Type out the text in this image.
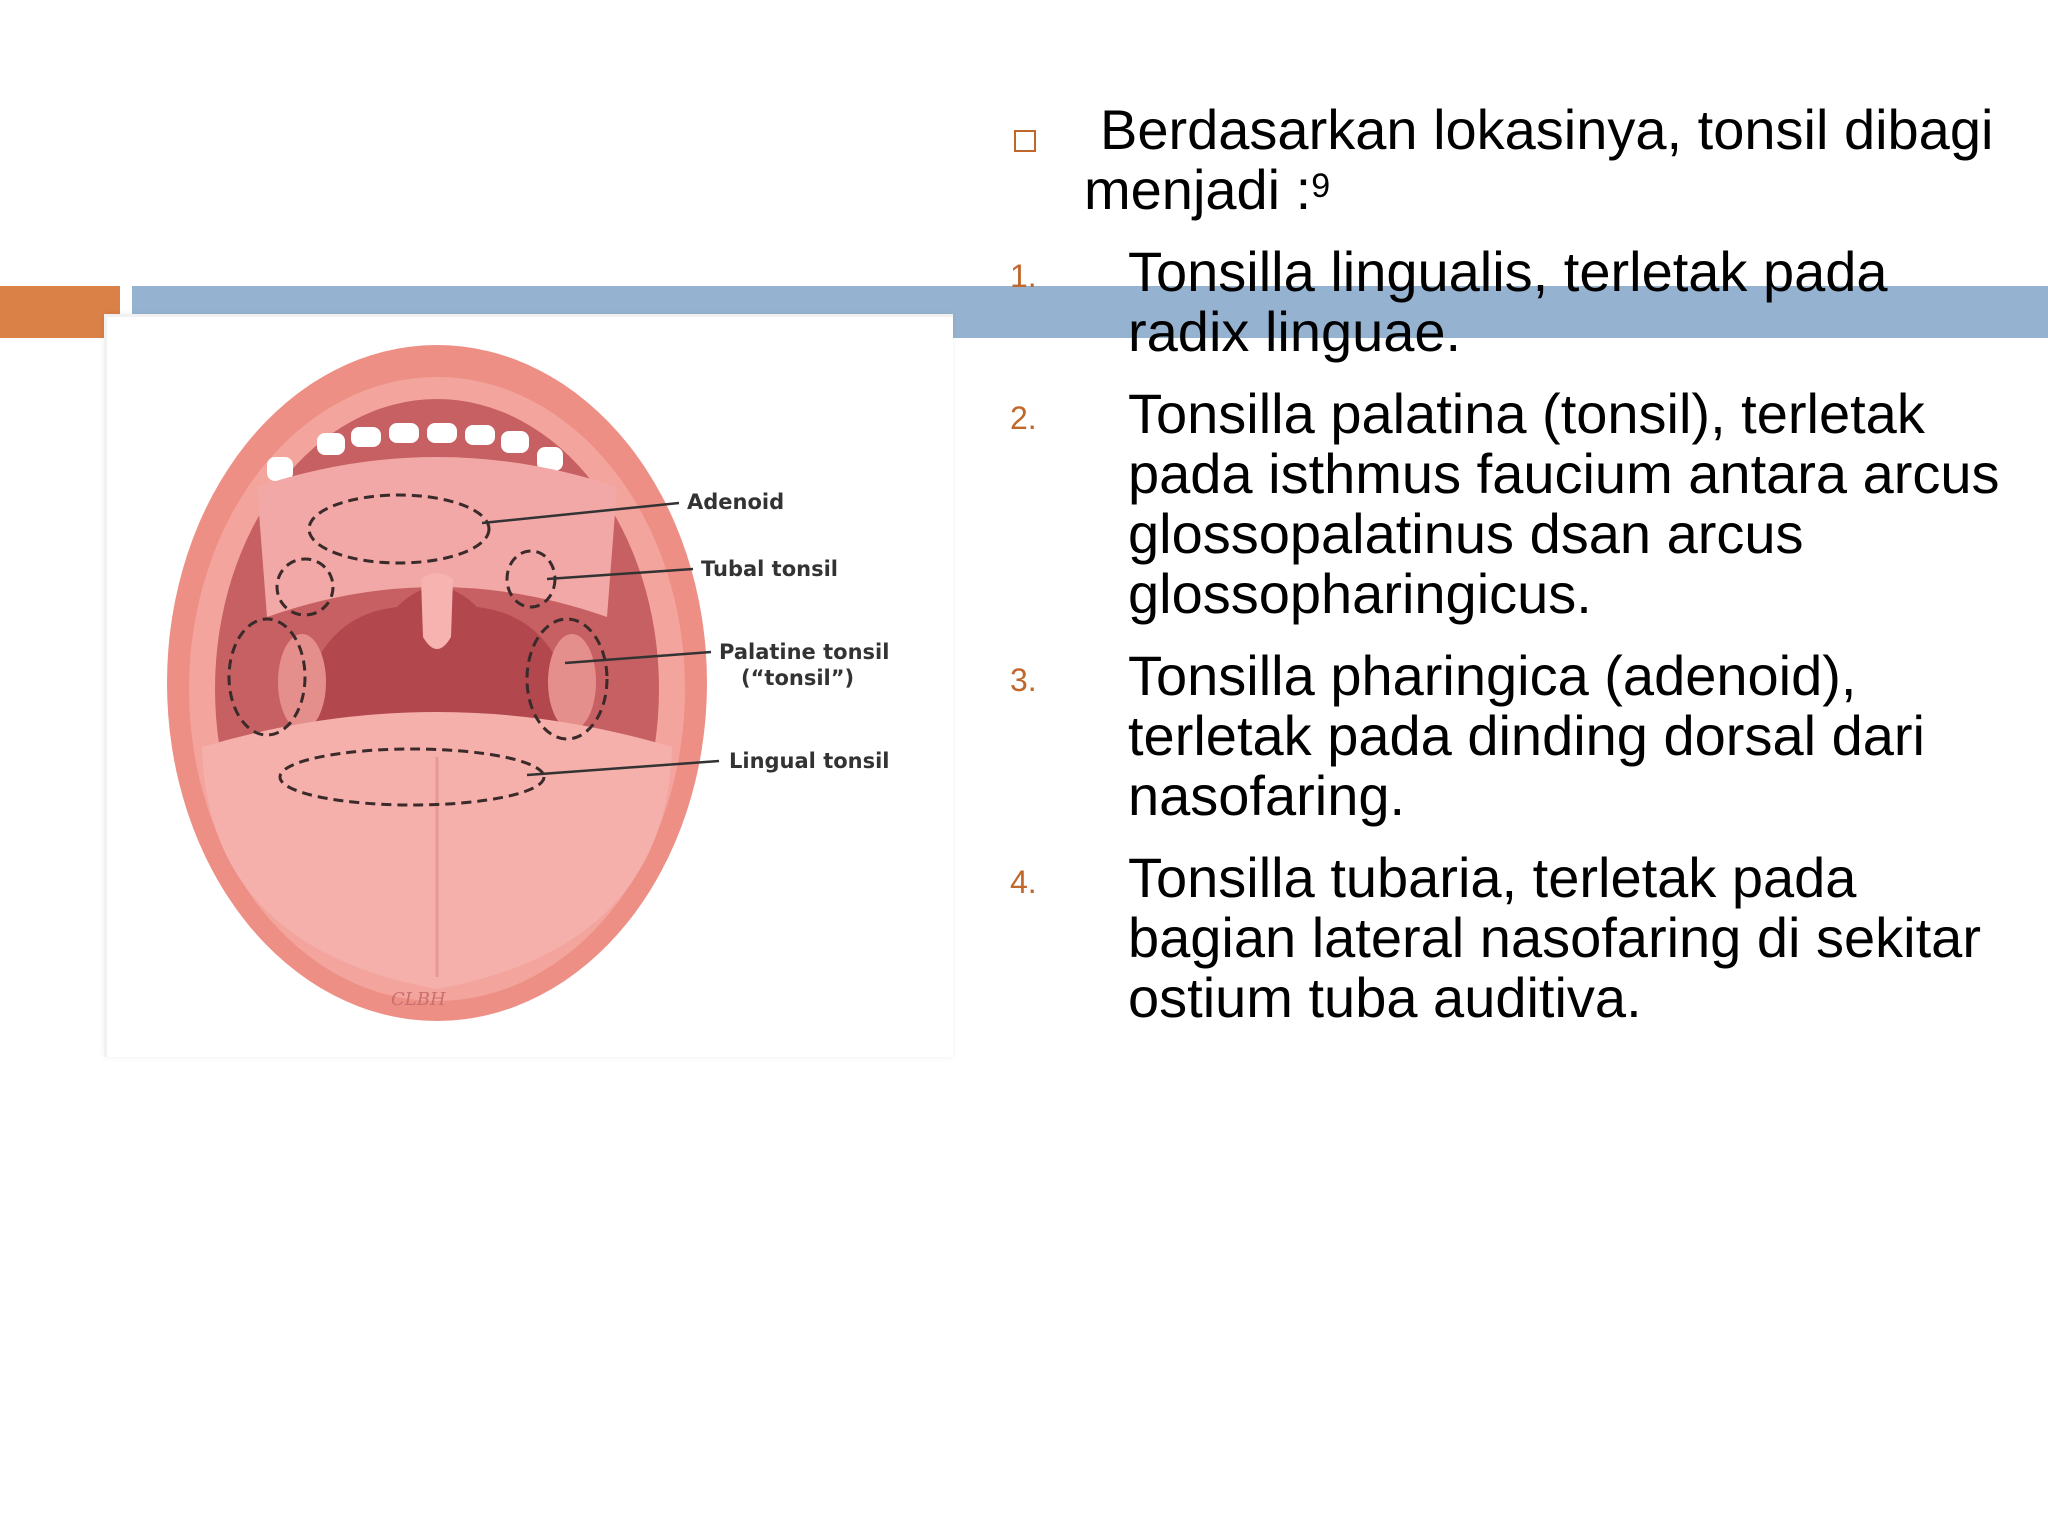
Adenoid
Tubal tonsil
Palatine tonsil
(“tonsil”)
Lingual tonsil
CLBH
Berdasarkan lokasinya, tonsil dibagi menjadi :$^9$
1. Tonsilla lingualis, terletak pada radix linguae.
2. Tonsilla palatina (tonsil), terletak pada isthmus faucium antara arcus glossopalatinus dsan arcus glossopharingicus.
3. Tonsilla pharingica (adenoid), terletak pada dinding dorsal dari nasofaring.
4. Tonsilla tubaria, terletak pada bagian lateral nasofaring di sekitar ostium tuba auditiva.
